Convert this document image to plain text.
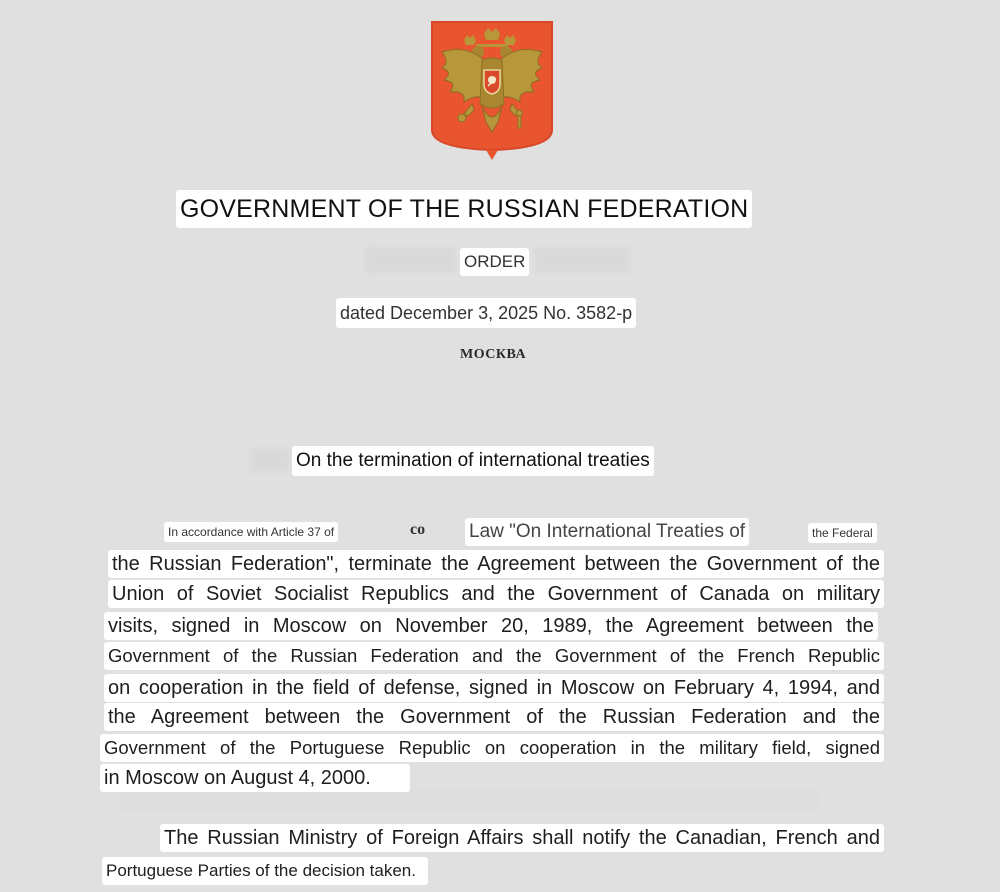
GOVERNMENT OF THE RUSSIAN FEDERATION
ORDER
dated December 3, 2025 No. 3582-p
МОСКВА
On the termination of international treaties
In accordance with Article 37 of	co Law "On International Treaties of	the Federal
the Russian Federation", terminate the Agreement between the Government of the
Union of Soviet Socialist Republics and the Government of Canada on military
visits, signed in Moscow on November 20, 1989, the Agreement between the
Government of the Russian Federation and the Government of the French Republic
on cooperation in the field of defense, signed in Moscow on February 4, 1994, and
the Agreement between the Government of the Russian Federation and the
Government of the Portuguese Republic on cooperation in the military field, signed
in Moscow on August 4, 2000.
The Russian Ministry of Foreign Affairs shall notify the Canadian, French and
Portuguese Parties of the decision taken.
